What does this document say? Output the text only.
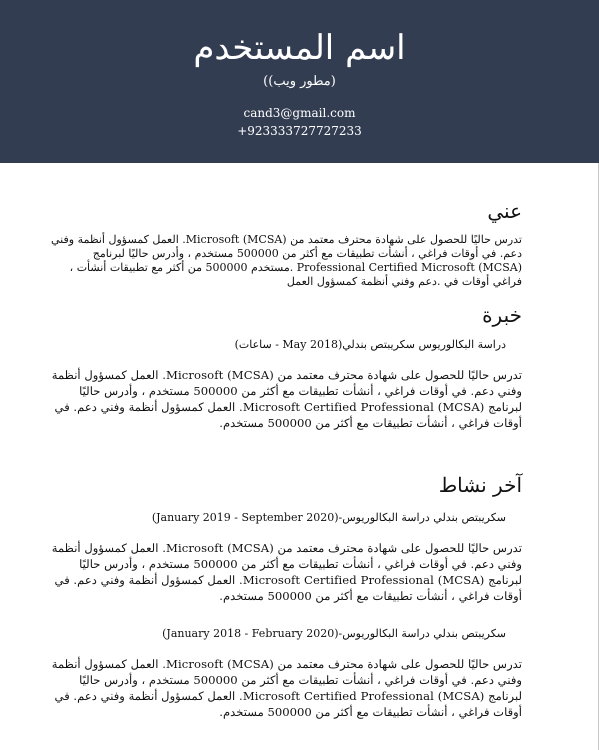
اسم المستخدم
((مطور ويب)
cand3@gmail.com
+923333727727233
عني

تدرس حاليًا للحصول على شهادة محترف معتمد من Microsoft (MCSA). العمل كمسؤول أنظمة وفني دعم. في أوقات فراغي ، أنشأت تطبيقات مع أكثر من 500000 مستخدم ، وأدرس حاليًا لبرنامج Professional Certified Microsoft (MCSA) .مستخدم 500000 من أكثر مع تطبيقات أنشأت ، فراغي أوقات في .دعم وفني أنظمة كمسؤول العمل

خبرة

دراسة البكالوريوس سكريبتص بندلي(May 2018 - ساعات)

تدرس حاليًا للحصول على شهادة محترف معتمد من Microsoft (MCSA). العمل كمسؤول أنظمة وفني دعم. في أوقات فراغي ، أنشأت تطبيقات مع أكثر من 500000 مستخدم ، وأدرس حاليًا لبرنامج Microsoft Certified Professional (MCSA). العمل كمسؤول أنظمة وفني دعم. في أوقات فراغي ، أنشأت تطبيقات مع أكثر من 500000 مستخدم.

آخر نشاط

سكريبتص بندلي دراسة البكالوريوس-(January 2019 - September 2020)

تدرس حاليًا للحصول على شهادة محترف معتمد من Microsoft (MCSA). العمل كمسؤول أنظمة وفني دعم. في أوقات فراغي ، أنشأت تطبيقات مع أكثر من 500000 مستخدم ، وأدرس حاليًا لبرنامج Microsoft Certified Professional (MCSA). العمل كمسؤول أنظمة وفني دعم. في أوقات فراغي ، أنشأت تطبيقات مع أكثر من 500000 مستخدم.

سكريبتص بندلي دراسة البكالوريوس-(January 2018 - February 2020)

تدرس حاليًا للحصول على شهادة محترف معتمد من Microsoft (MCSA). العمل كمسؤول أنظمة وفني دعم. في أوقات فراغي ، أنشأت تطبيقات مع أكثر من 500000 مستخدم ، وأدرس حاليًا لبرنامج Microsoft Certified Professional (MCSA). العمل كمسؤول أنظمة وفني دعم. في أوقات فراغي ، أنشأت تطبيقات مع أكثر من 500000 مستخدم.
